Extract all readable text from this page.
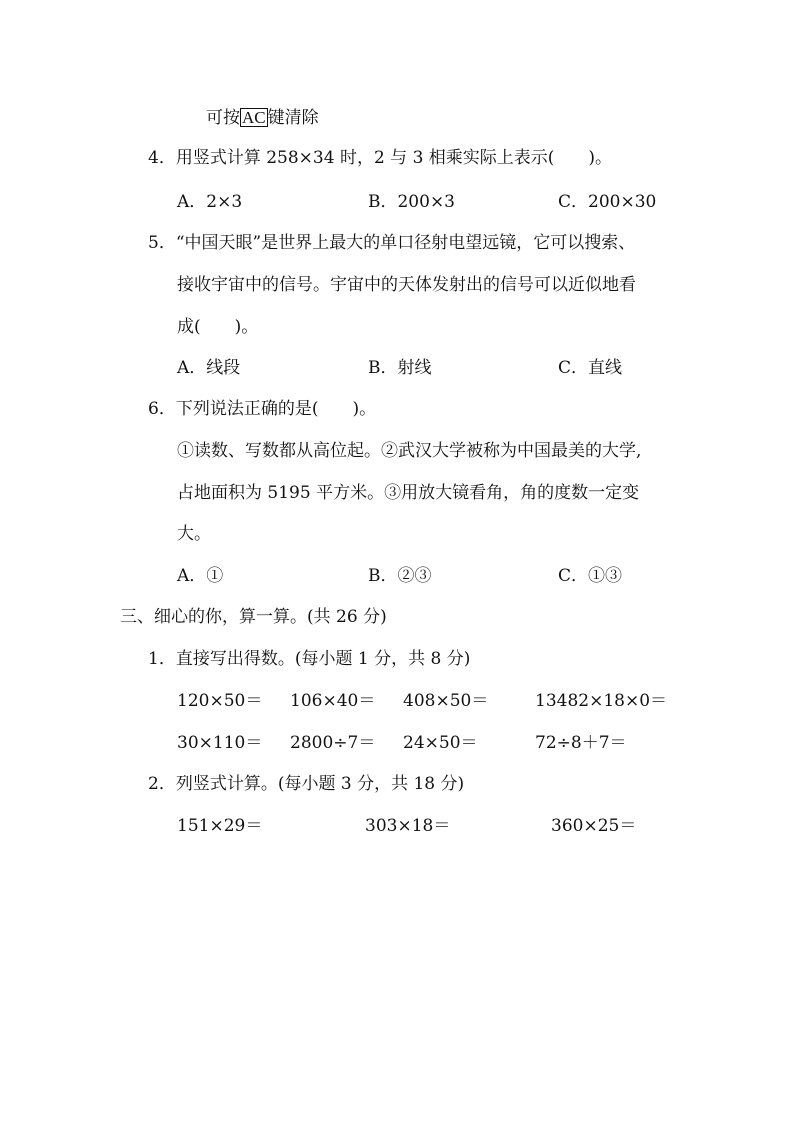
可按 AC 键清除
4．用竖式计算 258×34 时，2 与 3 相乘实际上表示(　　)。
A．2×3	B．200×3	C．200×30
5．“中国天眼”是世界上最大的单口径射电望远镜，它可以搜索、
接收宇宙中的信号。宇宙中的天体发射出的信号可以近似地看
成(　　)。
A．线段	B．射线	C．直线
6．下列说法正确的是(　　)。
①读数、写数都从高位起。②武汉大学被称为中国最美的大学,
占地面积为 5195 平方米。③用放大镜看角，角的度数一定变
大。
A．①	B．②③	C．①③
三、细心的你，算一算。(共 26 分)
1．直接写出得数。(每小题 1 分，共 8 分)
120×50＝ 106×40＝ 408×50＝	13482×18×0＝
30×110＝ 2800÷7＝ 24×50＝	72÷8＋7＝
2．列竖式计算。(每小题 3 分，共 18 分)
151×29＝	303×18＝	360×25＝
